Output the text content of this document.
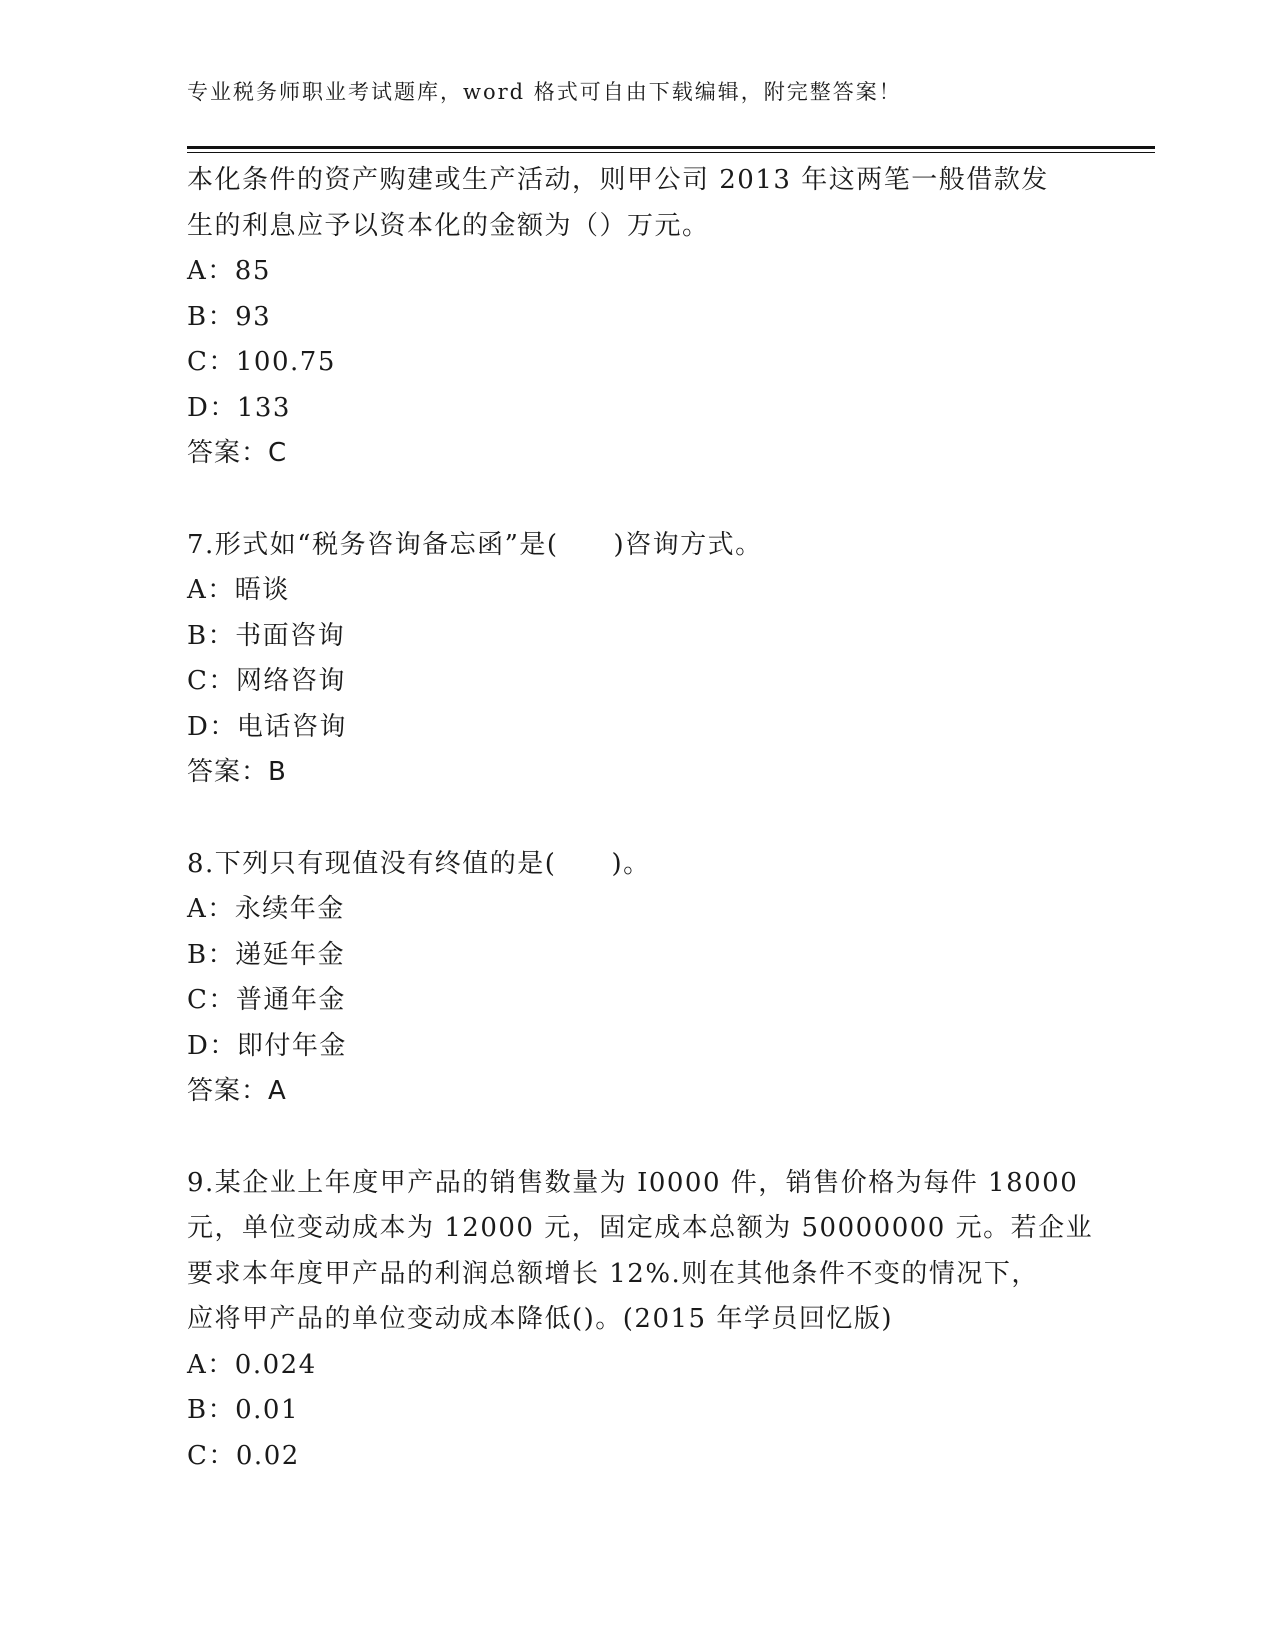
专业税务师职业考试题库，word 格式可自由下载编辑，附完整答案！
本化条件的资产购建或生产活动，则甲公司 2013 年这两笔一般借款发
生的利息应予以资本化的金额为（）万元。
A：85
B：93
C：100.75
D：133
答案：C
7.形式如“税务咨询备忘函”是(　　)咨询方式。
A：晤谈
B：书面咨询
C：网络咨询
D：电话咨询
答案：B
8.下列只有现值没有终值的是(　　)。
A：永续年金
B：递延年金
C：普通年金
D：即付年金
答案：A
9.某企业上年度甲产品的销售数量为 I0000 件，销售价格为每件 18000
元，单位变动成本为 12000 元，固定成本总额为 50000000 元。若企业
要求本年度甲产品的利润总额增长 12%.则在其他条件不变的情况下，
应将甲产品的单位变动成本降低()。(2015 年学员回忆版)
A：0.024
B：0.01
C：0.02
